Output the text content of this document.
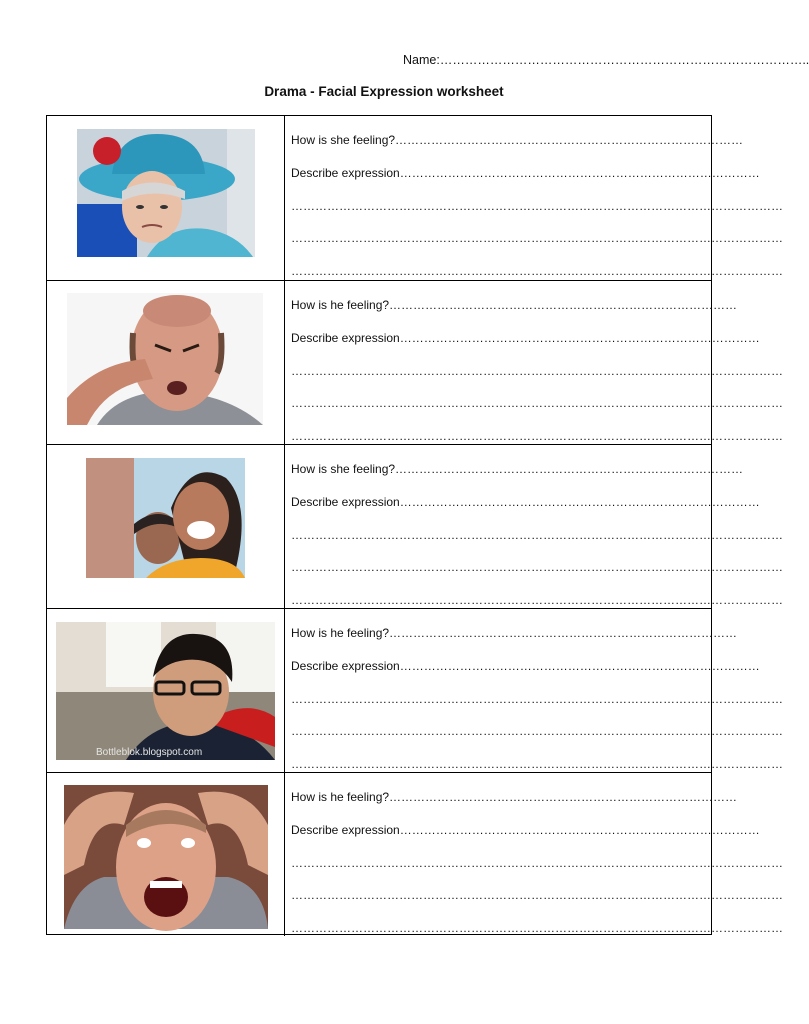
Name:……………………………………………………………………………..
Drama - Facial Expression worksheet
How is she feeling?……………………………………………………………………………
Describe expression………………………………………………………………………………
……………………………………………………………………………………………………………
……………………………………………………………………………………………………………
……………………………………………………………………………………………………………
How is he feeling?……………………………………………………………………………
Describe expression………………………………………………………………………………
……………………………………………………………………………………………………………
……………………………………………………………………………………………………………
……………………………………………………………………………………………………………
How is she feeling?……………………………………………………………………………
Describe expression………………………………………………………………………………
……………………………………………………………………………………………………………
……………………………………………………………………………………………………………
……………………………………………………………………………………………………………
Bottleblok.blogspot.com
How is he feeling?……………………………………………………………………………
Describe expression………………………………………………………………………………
……………………………………………………………………………………………………………
……………………………………………………………………………………………………………
……………………………………………………………………………………………………………
How is he feeling?……………………………………………………………………………
Describe expression………………………………………………………………………………
……………………………………………………………………………………………………………
……………………………………………………………………………………………………………
……………………………………………………………………………………………………………
